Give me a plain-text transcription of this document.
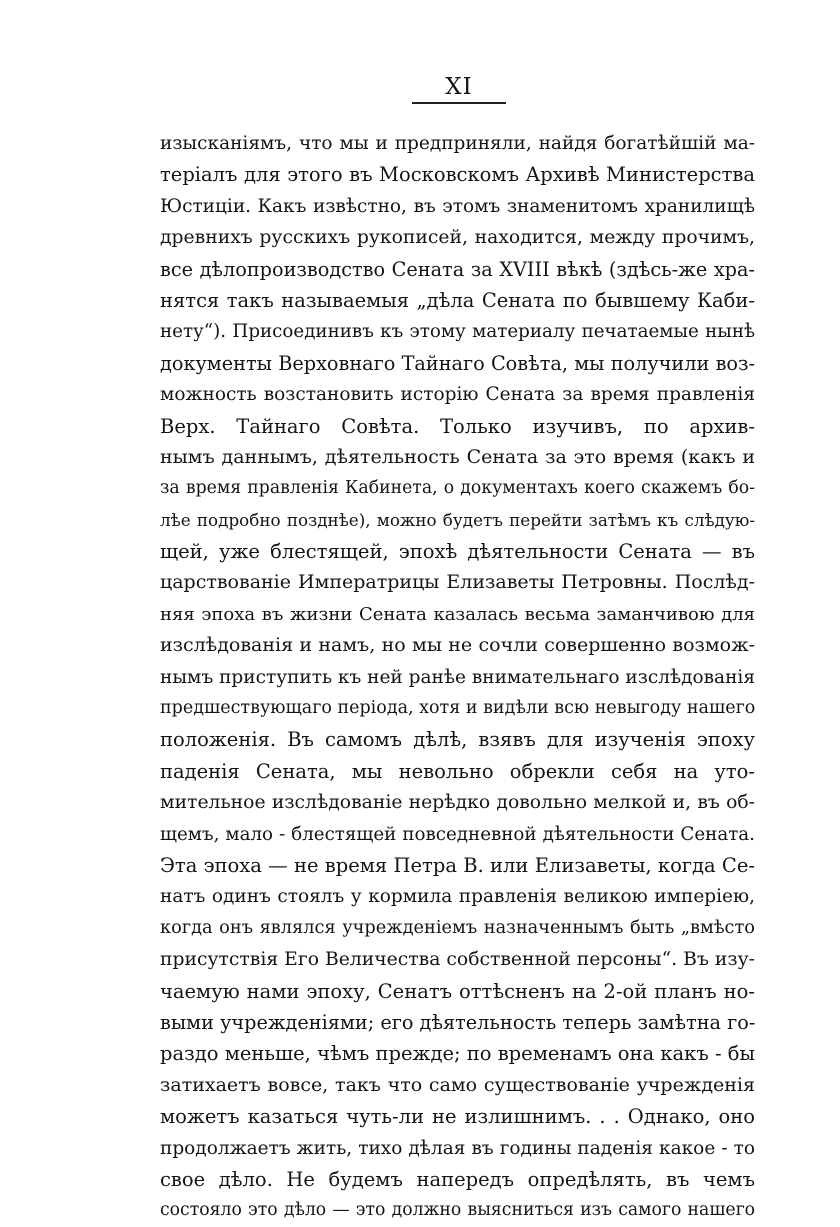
XI
изысканіямъ, что мы и предприняли, найдя богатѣйшій ма-
теріалъ для этого въ Московскомъ Архивѣ Министерства
Юстиціи. Какъ извѣстно, въ этомъ знаменитомъ хранилищѣ
древнихъ русскихъ рукописей, находится, между прочимъ,
все дѣлопроизводство Сената за XVIII вѣкѣ (здѣсь-же хра-
нятся такъ называемыя „дѣла Сената по бывшему Каби-
нету“). Присоединивъ къ этому материалу печатаемые нынѣ
документы Верховнаго Тайнаго Совѣта, мы получили воз-
можность возстановить исторію Сената за время правленія
Верх. Тайнаго Совѣта. Только изучивъ, по архив-
нымъ даннымъ, дѣятельность Сената за это время (какъ и
за время правленія Кабинета, о документахъ коего скажемъ бо-
лѣе подробно позднѣе), можно будетъ перейти затѣмъ къ слѣдую-
щей, уже блестящей, эпохѣ дѣятельности Сената — въ
царствованіе Императрицы Елизаветы Петровны. Послѣд-
няя эпоха въ жизни Сената казалась весьма заманчивою для
изслѣдованія и намъ, но мы не сочли совершенно возмож-
нымъ приступить къ ней ранѣе внимательнаго изслѣдованія
предшествующаго періода, хотя и видѣли всю невыгоду нашего
положенія. Въ самомъ дѣлѣ, взявъ для изученія эпоху
паденія Сената, мы невольно обрекли себя на уто-
мительное изслѣдованіе нерѣдко довольно мелкой и, въ об-
щемъ, мало - блестящей повседневной дѣятельности Сената.
Эта эпоха — не время Петра В. или Елизаветы, когда Се-
натъ одинъ стоялъ у кормила правленія великою имперіею,
когда онъ являлся учрежденіемъ назначеннымъ быть „вмѣсто
присутствія Его Величества собственной персоны“. Въ изу-
чаемую нами эпоху, Сенатъ оттѣсненъ на 2-ой планъ но-
выми учрежденіями; его дѣятельность теперь замѣтна го-
раздо меньше, чѣмъ прежде; по временамъ она какъ - бы
затихаетъ вовсе, такъ что само существованіе учрежденія
можетъ казаться чуть-ли не излишнимъ. . . Однако, оно
продолжаетъ жить, тихо дѣлая въ годины паденія какое - то
свое дѣло. Не будемъ напередъ опредѣлять, въ чемъ
состояло это дѣло — это должно выясниться изъ самого нашего
